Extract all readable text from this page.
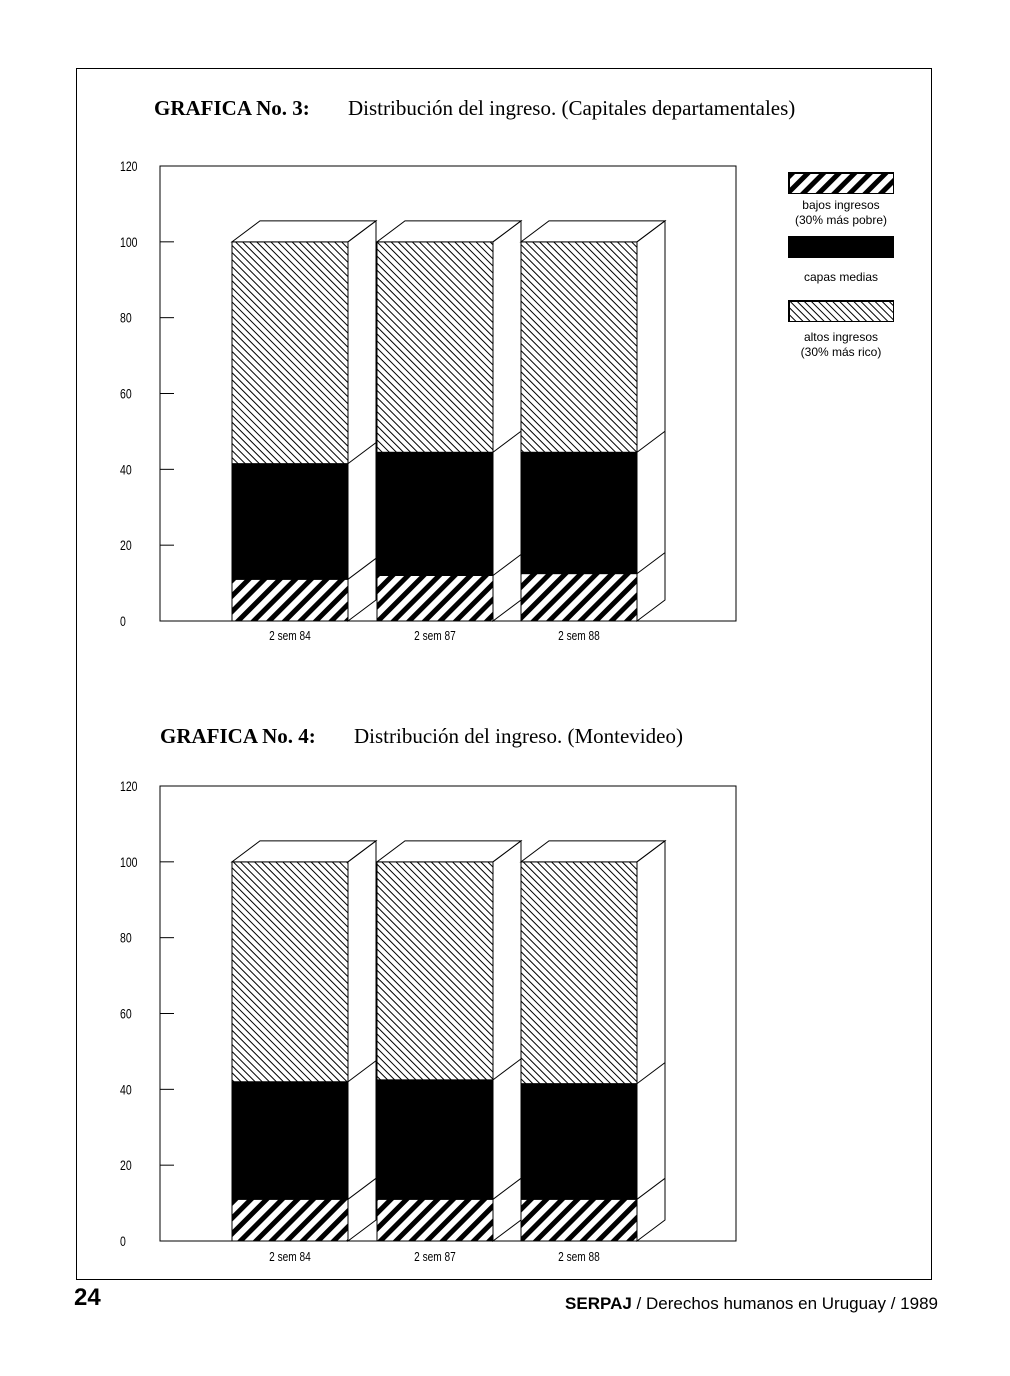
GRAFICA No. 3: Distribución del ingreso. (Capitales departamentales)
GRAFICA No. 4: Distribución del ingreso. (Montevideo)
0
20
40
60
80
100
120
2 sem 84	2 sem 87	2 sem 88
0
20
40
60
80
100
120
2 sem 84	2 sem 87	2 sem 88
bajos ingresos
(30% más pobre)
capas medias
altos ingresos
(30% más rico)
24	SERPAJ / Derechos humanos en Uruguay / 1989
